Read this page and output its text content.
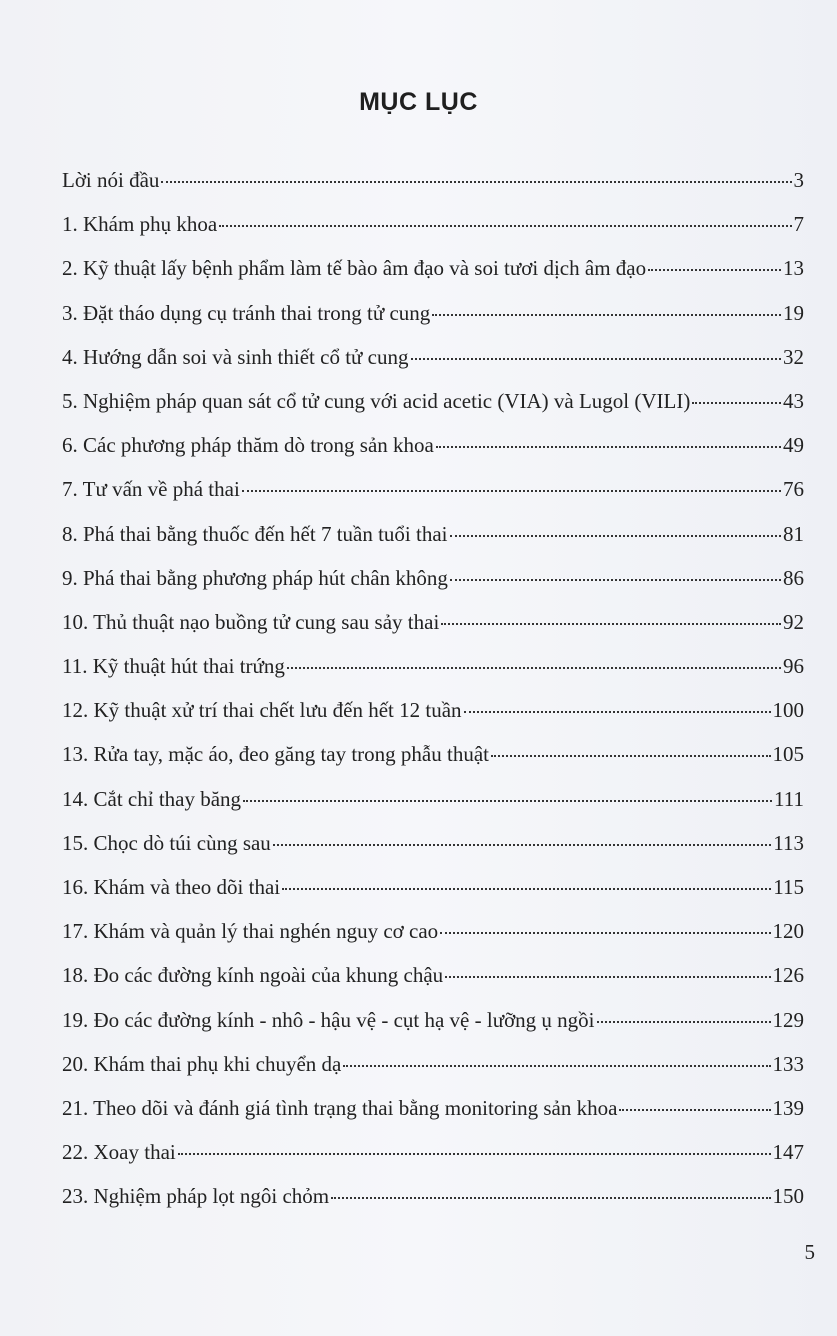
MỤC LỤC
Lời nói đầu	3
1. Khám phụ khoa	7
2. Kỹ thuật lấy bệnh phẩm làm tế bào âm đạo và soi tươi dịch âm đạo	13
3. Đặt tháo dụng cụ tránh thai trong tử cung	19
4. Hướng dẫn soi và sinh thiết cổ tử cung	32
5. Nghiệm pháp quan sát cổ tử cung với acid acetic (VIA) và Lugol (VILI)	43
6. Các phương pháp thăm dò trong sản khoa	49
7. Tư vấn về phá thai	76
8. Phá thai bằng thuốc đến hết 7 tuần tuổi thai	81
9. Phá thai bằng phương pháp hút chân không	86
10. Thủ thuật nạo buồng tử cung sau sảy thai	92
11. Kỹ thuật hút thai trứng	96
12. Kỹ thuật xử trí thai chết lưu đến hết 12 tuần	100
13. Rửa tay, mặc áo, đeo găng tay trong phẫu thuật	105
14. Cắt chỉ thay băng	111
15. Chọc dò túi cùng sau	113
16. Khám và theo dõi thai	115
17. Khám và quản lý thai nghén nguy cơ cao	120
18. Đo các đường kính ngoài của khung chậu	126
19. Đo các đường kính - nhô - hậu vệ - cụt hạ vệ - lưỡng ụ ngồi	129
20. Khám thai phụ khi chuyển dạ	133
21. Theo dõi và đánh giá tình trạng thai bằng monitoring sản khoa	139
22. Xoay thai	147
23. Nghiệm pháp lọt ngôi chỏm	150
5
